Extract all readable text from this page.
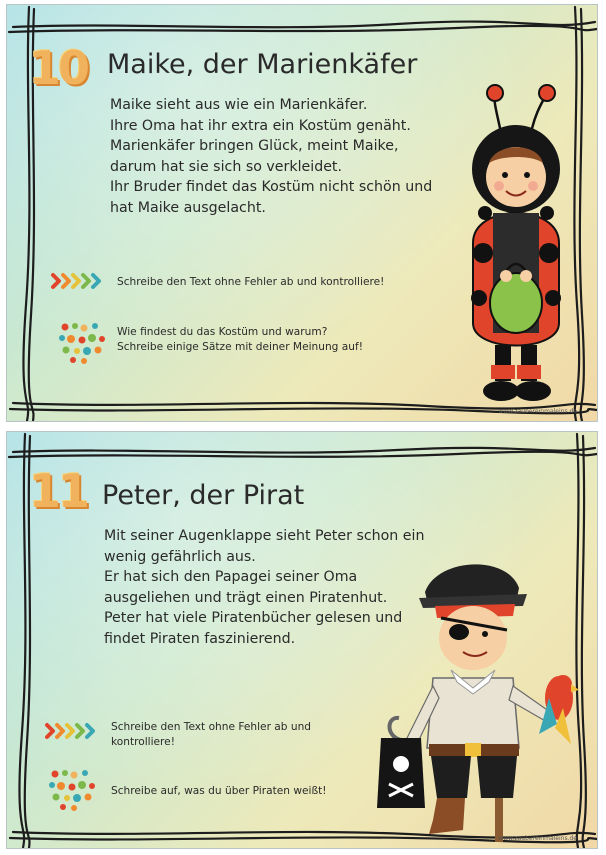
10 Maike, der Marienkäfer
Maike sieht aus wie ein Marienkäfer.
Ihre Oma hat ihr extra ein Kostüm genäht.
Marienkäfer bringen Glück, meint Maike,
darum hat sie sich so verkleidet.
Ihr Bruder findet das Kostüm nicht schön und
hat Maike ausgelacht.
Schreibe den Text ohne Fehler ab und kontrolliere!
Wie findest du das Kostüm und warum?
Schreibe einige Sätze mit deiner Meinung auf!
www.zaubereinmaleins.de
11 Peter, der Pirat
Mit seiner Augenklappe sieht Peter schon ein
wenig gefährlich aus.
Er hat sich den Papagei seiner Oma
ausgeliehen und trägt einen Piratenhut.
Peter hat viele Piratenbücher gelesen und
findet Piraten faszinierend.
Schreibe den Text ohne Fehler ab und
kontrolliere!
Schreibe auf, was du über Piraten weißt!
www.zaubereinmaleins.de
